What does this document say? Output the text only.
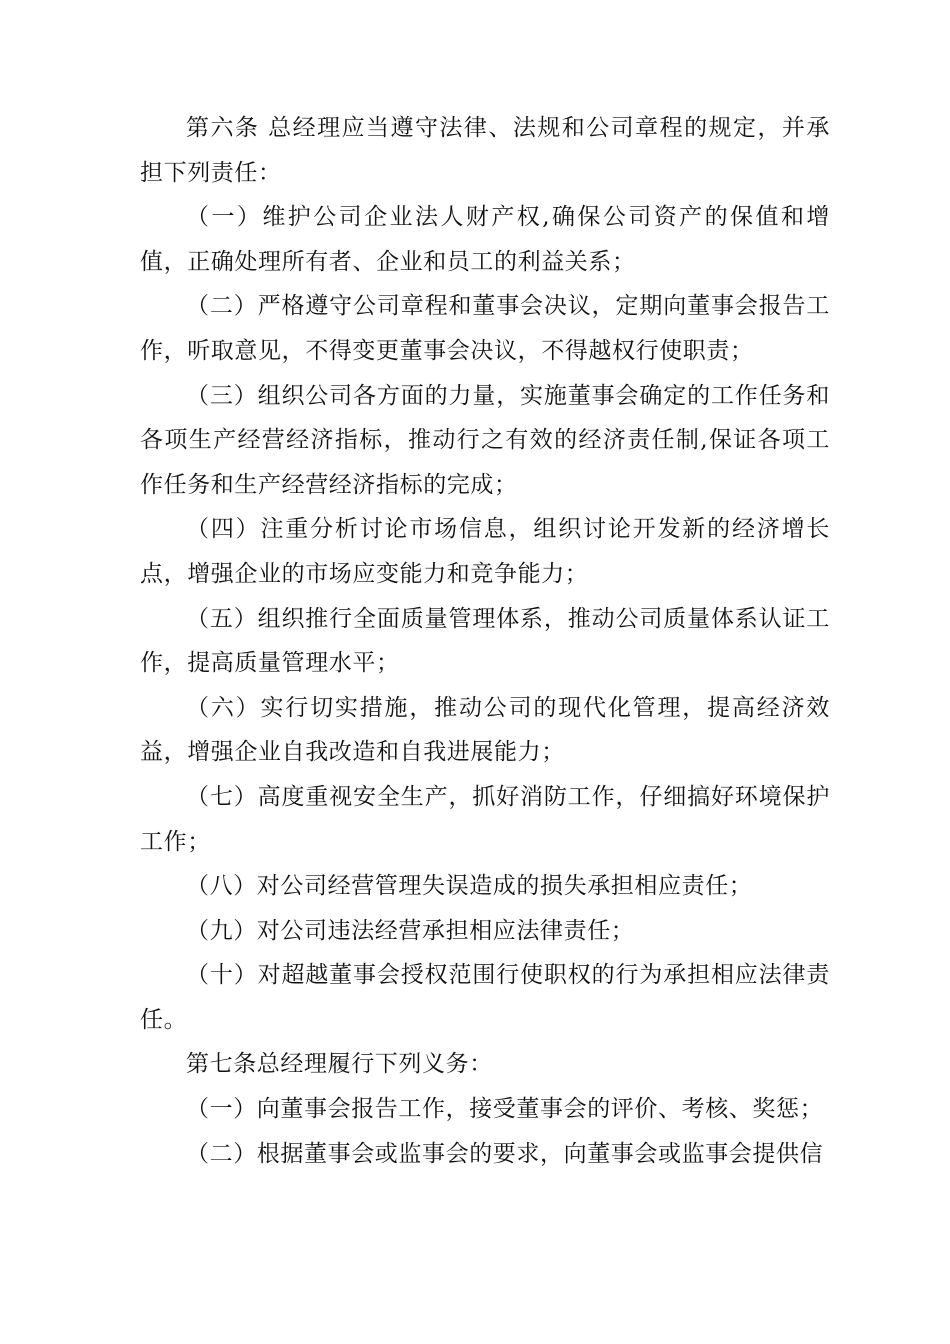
第六条 总经理应当遵守法律、法规和公司章程的规定，并承担下列责任：

（一）维护公司企业法人财产权,确保公司资产的保值和增值，正确处理所有者、企业和员工的利益关系；

（二）严格遵守公司章程和董事会决议，定期向董事会报告工作，听取意见，不得变更董事会决议，不得越权行使职责；

（三）组织公司各方面的力量，实施董事会确定的工作任务和各项生产经营经济指标，推动行之有效的经济责任制,保证各项工作任务和生产经营经济指标的完成；

（四）注重分析讨论市场信息，组织讨论开发新的经济增长点，增强企业的市场应变能力和竞争能力；

（五）组织推行全面质量管理体系，推动公司质量体系认证工作，提高质量管理水平；

（六）实行切实措施，推动公司的现代化管理，提高经济效益，增强企业自我改造和自我进展能力；

（七）高度重视安全生产，抓好消防工作，仔细搞好环境保护工作；

（八）对公司经营管理失误造成的损失承担相应责任；

（九）对公司违法经营承担相应法律责任；

（十）对超越董事会授权范围行使职权的行为承担相应法律责任。

第七条总经理履行下列义务：

（一）向董事会报告工作，接受董事会的评价、考核、奖惩；

（二）根据董事会或监事会的要求，向董事会或监事会提供信
